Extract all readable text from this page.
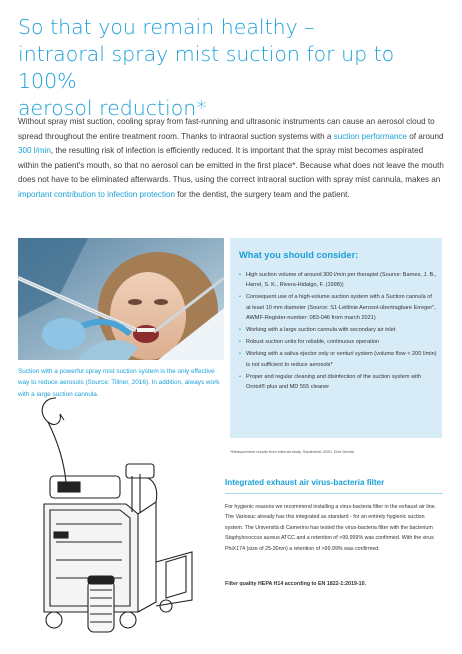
So that you remain healthy –
intraoral spray mist suction for up to 100%
aerosol reduction*

Without spray mist suction, cooling spray from fast-running and ultrasonic instruments can cause an aerosol cloud to spread throughout the entire treatment room. Thanks to intraoral suction systems with a suction performance of around 300 l/min, the resulting risk of infection is efficiently reduced. It is important that the spray mist becomes aspirated within the patient's mouth, so that no aerosol can be emitted in the first place*. Because what does not leave the mouth does not have to be eliminated afterwards. Thus, using the correct intraoral suction with spray mist cannula, makes an important contribution to infection protection for the dentist, the surgery team and the patient.

Suction with a powerful spray mist suction system is the only effective way to reduce aerosols (Source: Tillner, 2016). In addition, always work with a large suction cannula.

What you should consider:
• High suction volume of around 300 l/min per therapist (Source: Barnes, J. B., Harrel, S. K., Rivera-Hidalgo, F. (1998))
• Consequent use of a high-volume suction system with a Suction cannula of at least 10 mm diameter (Source: S1-Leitlinie Aerosol-übertragbare Erreger", AWMF-Register-number: 083-046 from march 2021)
• Working with a large suction cannula with secondary air inlet
• Robust suction units for reliable, continuous operation
• Working with a saliva ejector only or venturi system (volume flow < 200 l/min) is not sufficient to reduce aerosols*
• Proper and regular cleaning and disinfection of the suction system with Orotol® plus and MD 555 cleaner

*Measurement results from internal study, September 2020, Dürr Dental

Integrated exhaust air virus-bacteria filter

For hygienic reasons we recommend installing a virus-bacteria filter in the exhaust air line. The Variosuc already has this integrated as standard - for an entirely hygienic suction system. The Università di Camerino has tested the virus-bacteria filter with the bacterium Staphylococcus aureus ATCC and a retention of >99.999% was confirmed. With the virus PhiX174 (size of 25-30nm) a retention of >99.99% was confirmed.

Filter quality HEPA H14 according to EN 1822-1:2019-10.
